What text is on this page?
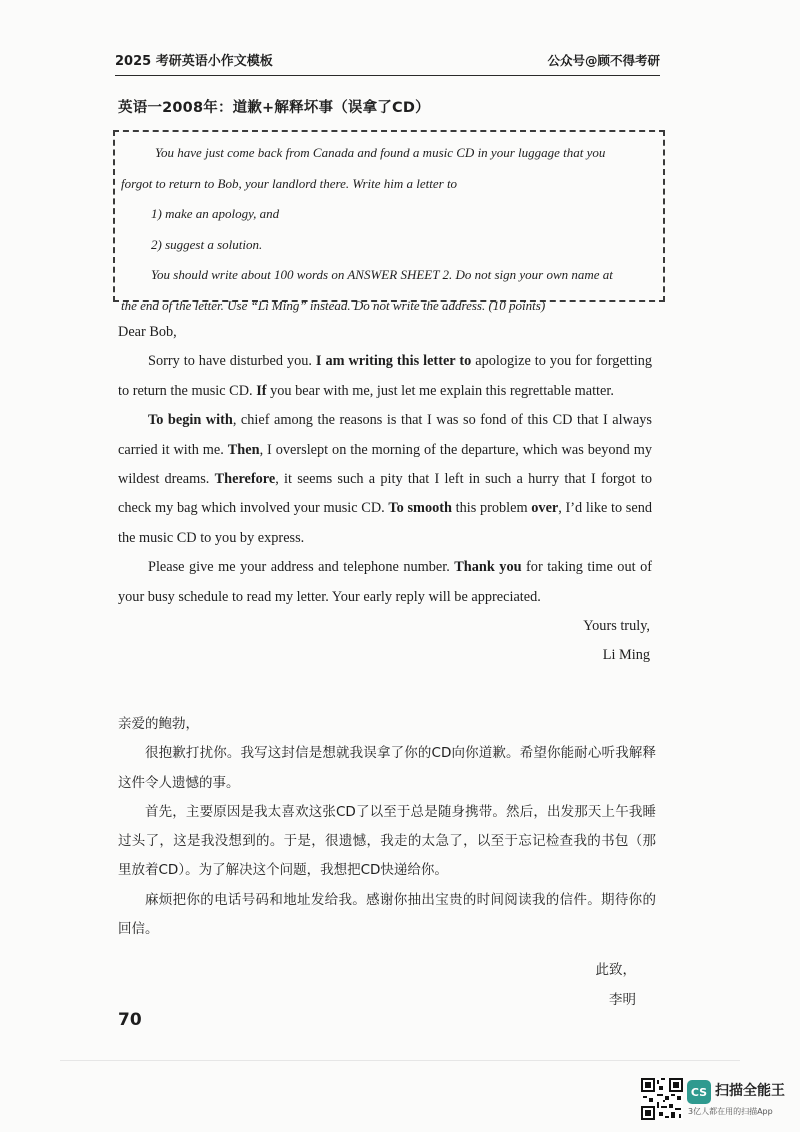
2025 考研英语小作文模板	公众号@顾不得考研
英语一2008年：道歉+解释坏事（误拿了CD）

You have just come back from Canada and found a music CD in your luggage that you

forgot to return to Bob, your landlord there. Write him a letter to

1) make an apology, and

2) suggest a solution.

You should write about 100 words on ANSWER SHEET 2. Do not sign your own name at

the end of the letter. Use “Li Ming” instead. Do not write the address. (10 points)

Dear Bob,

Sorry to have disturbed you. I am writing this letter to apologize to you for forgetting to return the music CD. If you bear with me, just let me explain this regrettable matter.

To begin with, chief among the reasons is that I was so fond of this CD that I always carried it with me. Then, I overslept on the morning of the departure, which was beyond my wildest dreams. Therefore, it seems such a pity that I left in such a hurry that I forgot to check my bag which involved your music CD. To smooth this problem over, I’d like to send the music CD to you by express.

Please give me your address and telephone number. Thank you for taking time out of your busy schedule to read my letter. Your early reply will be appreciated.

Yours truly,

Li Ming

亲爱的鲍勃，

很抱歉打扰你。我写这封信是想就我误拿了你的CD向你道歉。希望你能耐心听我解释这件令人遗憾的事。

首先，主要原因是我太喜欢这张CD了以至于总是随身携带。然后，出发那天上午我睡过头了，这是我没想到的。于是，很遗憾，我走的太急了，以至于忘记检查我的书包（那里放着CD）。为了解决这个问题，我想把CD快递给你。

麻烦把你的电话号码和地址发给我。感谢你抽出宝贵的时间阅读我的信件。期待你的回信。

此致，

李明

70
CS 扫描全能王
3亿人都在用的扫描App
